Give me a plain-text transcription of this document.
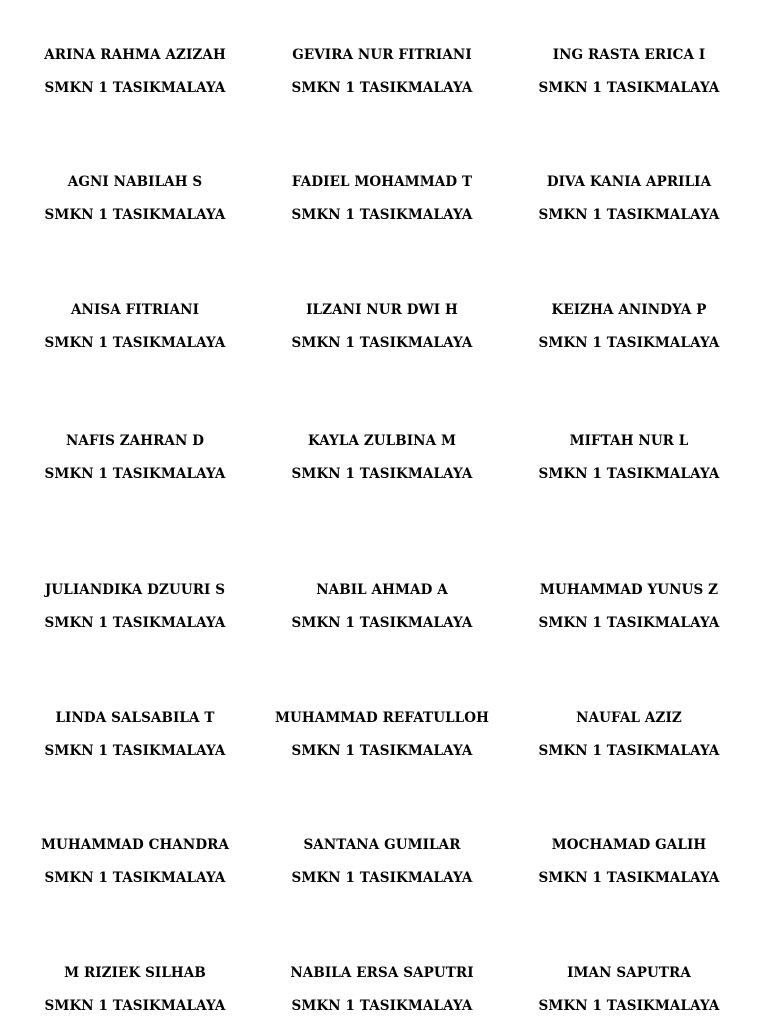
ARINA RAHMA AZIZAH
SMKN 1 TASIKMALAYA
GEVIRA NUR FITRIANI
SMKN 1 TASIKMALAYA
ING RASTA ERICA I
SMKN 1 TASIKMALAYA
AGNI NABILAH S
SMKN 1 TASIKMALAYA
FADIEL MOHAMMAD T
SMKN 1 TASIKMALAYA
DIVA KANIA APRILIA
SMKN 1 TASIKMALAYA
ANISA FITRIANI
SMKN 1 TASIKMALAYA
ILZANI NUR DWI H
SMKN 1 TASIKMALAYA
KEIZHA ANINDYA P
SMKN 1 TASIKMALAYA
NAFIS ZAHRAN D
SMKN 1 TASIKMALAYA
KAYLA ZULBINA M
SMKN 1 TASIKMALAYA
MIFTAH NUR L
SMKN 1 TASIKMALAYA
JULIANDIKA DZUURI S
SMKN 1 TASIKMALAYA
NABIL AHMAD A
SMKN 1 TASIKMALAYA
MUHAMMAD YUNUS Z
SMKN 1 TASIKMALAYA
LINDA SALSABILA T
SMKN 1 TASIKMALAYA
MUHAMMAD REFATULLOH
SMKN 1 TASIKMALAYA
NAUFAL AZIZ
SMKN 1 TASIKMALAYA
MUHAMMAD CHANDRA
SMKN 1 TASIKMALAYA
SANTANA GUMILAR
SMKN 1 TASIKMALAYA
MOCHAMAD GALIH
SMKN 1 TASIKMALAYA
M RIZIEK SILHAB
SMKN 1 TASIKMALAYA
NABILA ERSA SAPUTRI
SMKN 1 TASIKMALAYA
IMAN SAPUTRA
SMKN 1 TASIKMALAYA
